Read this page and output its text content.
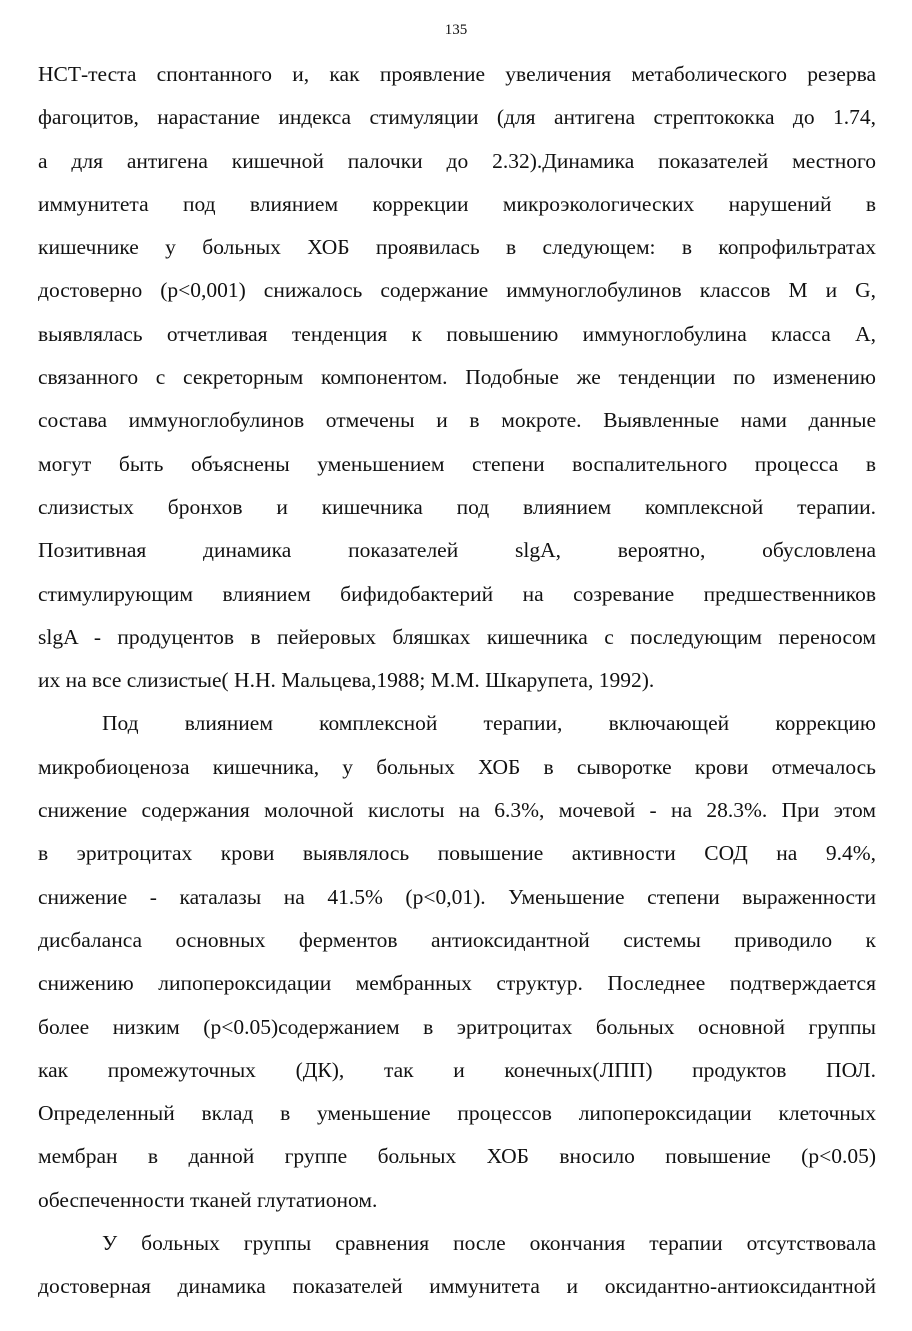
135
НСТ-теста спонтанного и, как проявление увеличения метаболического резерва
фагоцитов, нарастание индекса стимуляции (для антигена стрептококка до 1.74,
а для антигена кишечной палочки до 2.32).Динамика показателей местного
иммунитета под влиянием коррекции микроэкологических нарушений в
кишечнике у больных ХОБ проявилась в следующем: в копрофильтратах
достоверно (p<0,001) снижалось содержание иммуноглобулинов классов M и G,
выявлялась отчетливая тенденция к повышению иммуноглобулина класса А,
связанного с секреторным компонентом. Подобные же тенденции по изменению
состава иммуноглобулинов отмечены и в мокроте. Выявленные нами данные
могут быть объяснены уменьшением степени воспалительного процесса в
слизистых бронхов и кишечника под влиянием комплексной терапии.
Позитивная динамика показателей slgA, вероятно, обусловлена
стимулирующим влиянием бифидобактерий на созревание предшественников
slgA - продуцентов в пейеровых бляшках кишечника с последующим переносом
их на все слизистые( Н.Н. Мальцева,1988; М.М. Шкарупета, 1992).
Под влиянием комплексной терапии, включающей коррекцию
микробиоценоза кишечника, у больных ХОБ в сыворотке крови отмечалось
снижение содержания молочной кислоты на 6.3%, мочевой - на 28.3%. При этом
в эритроцитах крови выявлялось повышение активности СОД на 9.4%,
снижение - каталазы на 41.5% (p<0,01). Уменьшение степени выраженности
дисбаланса основных ферментов антиоксидантной системы приводило к
снижению липопероксидации мембранных структур. Последнее подтверждается
более низким (p<0.05)содержанием в эритроцитах больных основной группы
как промежуточных (ДК), так и конечных(ЛПП) продуктов ПОЛ.
Определенный вклад в уменьшение процессов липопероксидации клеточных
мембран в данной группе больных ХОБ вносило повышение (p<0.05)
обеспеченности тканей глутатионом.
У больных группы сравнения после окончания терапии отсутствовала
достоверная динамика показателей иммунитета и оксидантно-антиоксидантной
